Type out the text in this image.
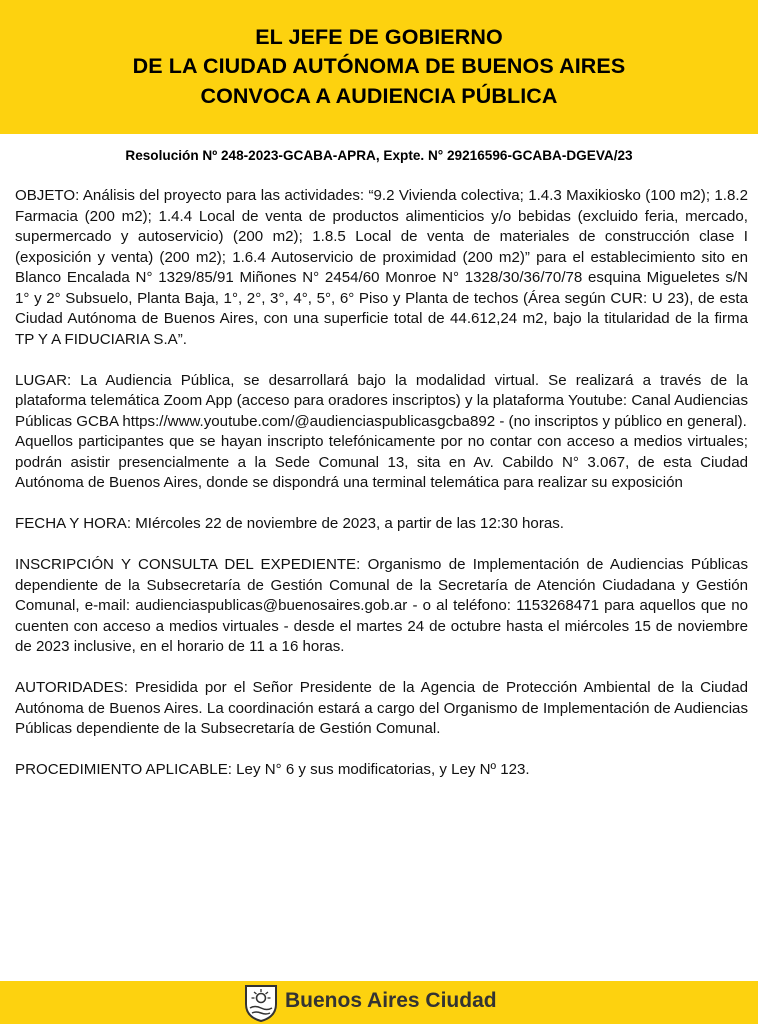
EL JEFE DE GOBIERNO
DE LA CIUDAD AUTÓNOMA DE BUENOS AIRES
CONVOCA A AUDIENCIA PÚBLICA
Resolución Nº 248-2023-GCABA-APRA, Expte. N° 29216596-GCABA-DGEVA/23

OBJETO: Análisis del proyecto para las actividades: “9.2 Vivienda colectiva; 1.4.3 Maxikiosko (100 m2); 1.8.2 Farmacia (200 m2); 1.4.4 Local de venta de productos alimenticios y/o bebidas (excluido feria, mercado, supermercado y autoservicio) (200 m2); 1.8.5 Local de venta de materiales de construcción clase I (exposición y venta) (200 m2); 1.6.4 Autoservicio de proximidad (200 m2)” para el establecimiento sito en Blanco Encalada N° 1329/85/91 Miñones N° 2454/60 Monroe N° 1328/30/36/70/78 esquina Migueletes s/N 1° y 2° Subsuelo, Planta Baja, 1°, 2°, 3°, 4°, 5°, 6° Piso y Planta de techos (Área según CUR: U 23), de esta Ciudad Autónoma de Buenos Aires, con una superficie total de 44.612,24 m2, bajo la titularidad de la firma TP Y A FIDUCIARIA S.A”.

LUGAR: La Audiencia Pública, se desarrollará bajo la modalidad virtual. Se realizará a través de la plataforma telemática Zoom App (acceso para oradores inscriptos) y la plataforma Youtube: Canal Audiencias Públicas GCBA https://www.youtube.com/@audienciaspublicasgcba892 - (no inscriptos y público en general).

Aquellos participantes que se hayan inscripto telefónicamente por no contar con acceso a medios virtuales; podrán asistir presencialmente a la Sede Comunal 13, sita en Av. Cabildo N° 3.067, de esta Ciudad Autónoma de Buenos Aires, donde se dispondrá una terminal telemática para realizar su exposición

FECHA Y HORA: MIércoles 22 de noviembre de 2023, a partir de las 12:30 horas.

INSCRIPCIÓN Y CONSULTA DEL EXPEDIENTE: Organismo de Implementación de Audiencias Públicas dependiente de la Subsecretaría de Gestión Comunal de la Secretaría de Atención Ciudadana y Gestión Comunal, e-mail: audienciaspublicas@buenosaires.gob.ar - o al teléfono: 1153268471 para aquellos que no cuenten con acceso a medios virtuales - desde el martes 24 de octubre hasta el miércoles 15 de noviembre de 2023 inclusive, en el horario de 11 a 16 horas.

AUTORIDADES: Presidida por el Señor Presidente de la Agencia de Protección Ambiental de la Ciudad Autónoma de Buenos Aires. La coordinación estará a cargo del Organismo de Implementación de Audiencias Públicas dependiente de la Subsecretaría de Gestión Comunal.

PROCEDIMIENTO APLICABLE: Ley N° 6 y sus modificatorias, y Ley Nº 123.

Buenos Aires Ciudad
